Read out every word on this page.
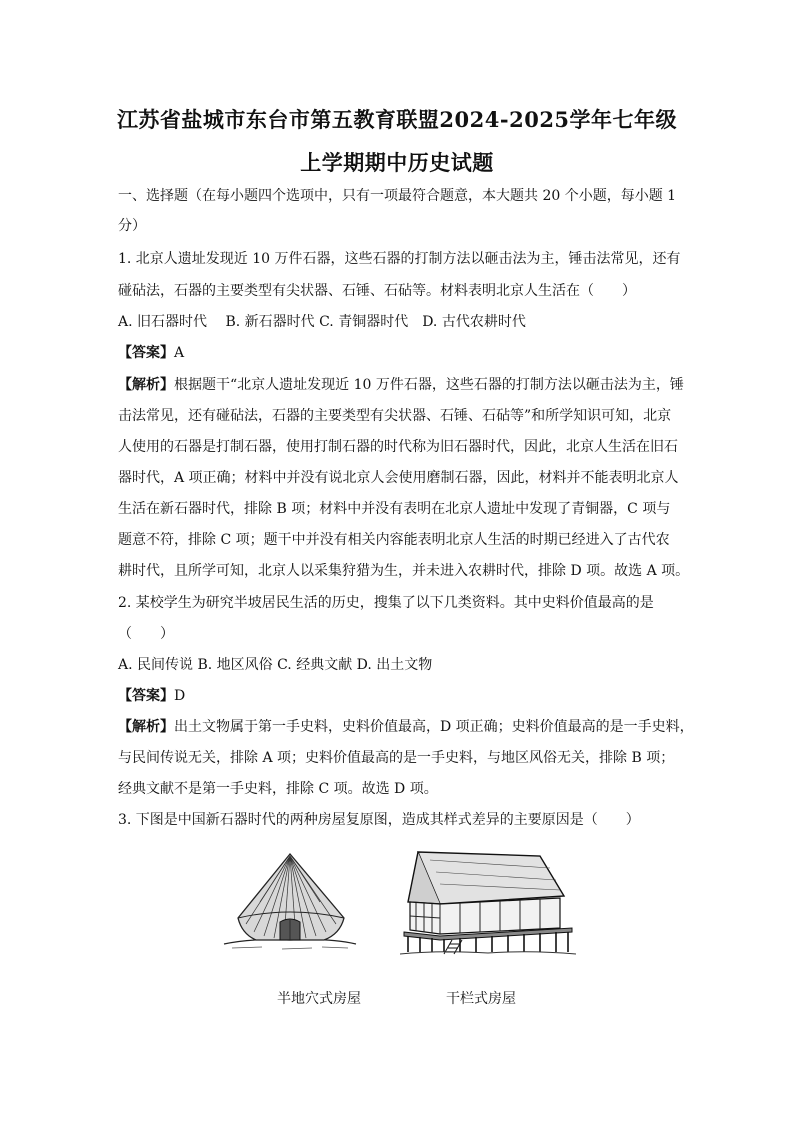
江苏省盐城市东台市第五教育联盟2024-2025学年七年级
上学期期中历史试题
一、选择题（在每小题四个选项中，只有一项最符合题意，本大题共 20 个小题，每小题 1
分）
1. 北京人遗址发现近 10 万件石器，这些石器的打制方法以砸击法为主，锤击法常见，还有
碰砧法，石器的主要类型有尖状器、石锤、石砧等。材料表明北京人生活在（　　）
A. 旧石器时代　 B. 新石器时代 C. 青铜器时代　D. 古代农耕时代
【答案】A
【解析】根据题干“北京人遗址发现近 10 万件石器，这些石器的打制方法以砸击法为主，锤
击法常见，还有碰砧法，石器的主要类型有尖状器、石锤、石砧等”和所学知识可知，北京
人使用的石器是打制石器，使用打制石器的时代称为旧石器时代，因此，北京人生活在旧石
器时代，A 项正确；材料中并没有说北京人会使用磨制石器，因此，材料并不能表明北京人
生活在新石器时代，排除 B 项；材料中并没有表明在北京人遗址中发现了青铜器，C 项与
题意不符，排除 C 项；题干中并没有相关内容能表明北京人生活的时期已经进入了古代农
耕时代，且所学可知，北京人以采集狩猎为生，并未进入农耕时代，排除 D 项。故选 A 项。
2. 某校学生为研究半坡居民生活的历史，搜集了以下几类资料。其中史料价值最高的是
（　　）
A. 民间传说 B. 地区风俗 C. 经典文献 D. 出土文物
【答案】D
【解析】出土文物属于第一手史料，史料价值最高，D 项正确；史料价值最高的是一手史料，
与民间传说无关，排除 A 项；史料价值最高的是一手史料，与地区风俗无关，排除 B 项；
经典文献不是第一手史料，排除 C 项。故选 D 项。
3. 下图是中国新石器时代的两种房屋复原图，造成其样式差异的主要原因是（　　）
半地穴式房屋	干栏式房屋
